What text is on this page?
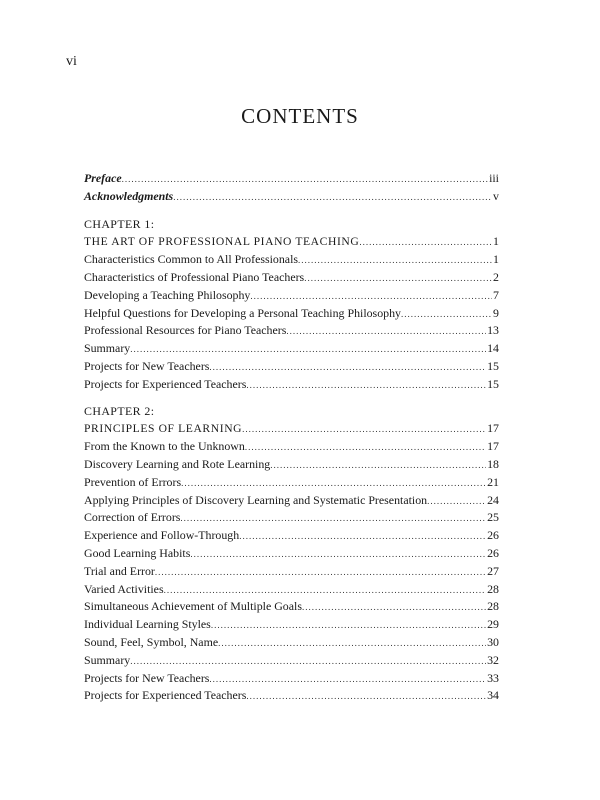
vi
CONTENTS
Preface .....	iii
Acknowledgments .....	v
CHAPTER 1:
THE ART OF PROFESSIONAL PIANO TEACHING .....	1
Characteristics Common to All Professionals .....	1
Characteristics of Professional Piano Teachers .....	2
Developing a Teaching Philosophy .....	7
Helpful Questions for Developing a Personal Teaching Philosophy .....	9
Professional Resources for Piano Teachers .....	13
Summary .....	14
Projects for New Teachers .....	15
Projects for Experienced Teachers .....	15
CHAPTER 2:
PRINCIPLES OF LEARNING .....	17
From the Known to the Unknown .....	17
Discovery Learning and Rote Learning .....	18
Prevention of Errors .....	21
Applying Principles of Discovery Learning and Systematic Presentation .....	24
Correction of Errors .....	25
Experience and Follow-Through .....	26
Good Learning Habits .....	26
Trial and Error .....	27
Varied Activities .....	28
Simultaneous Achievement of Multiple Goals .....	28
Individual Learning Styles .....	29
Sound, Feel, Symbol, Name .....	30
Summary .....	32
Projects for New Teachers .....	33
Projects for Experienced Teachers .....	34
